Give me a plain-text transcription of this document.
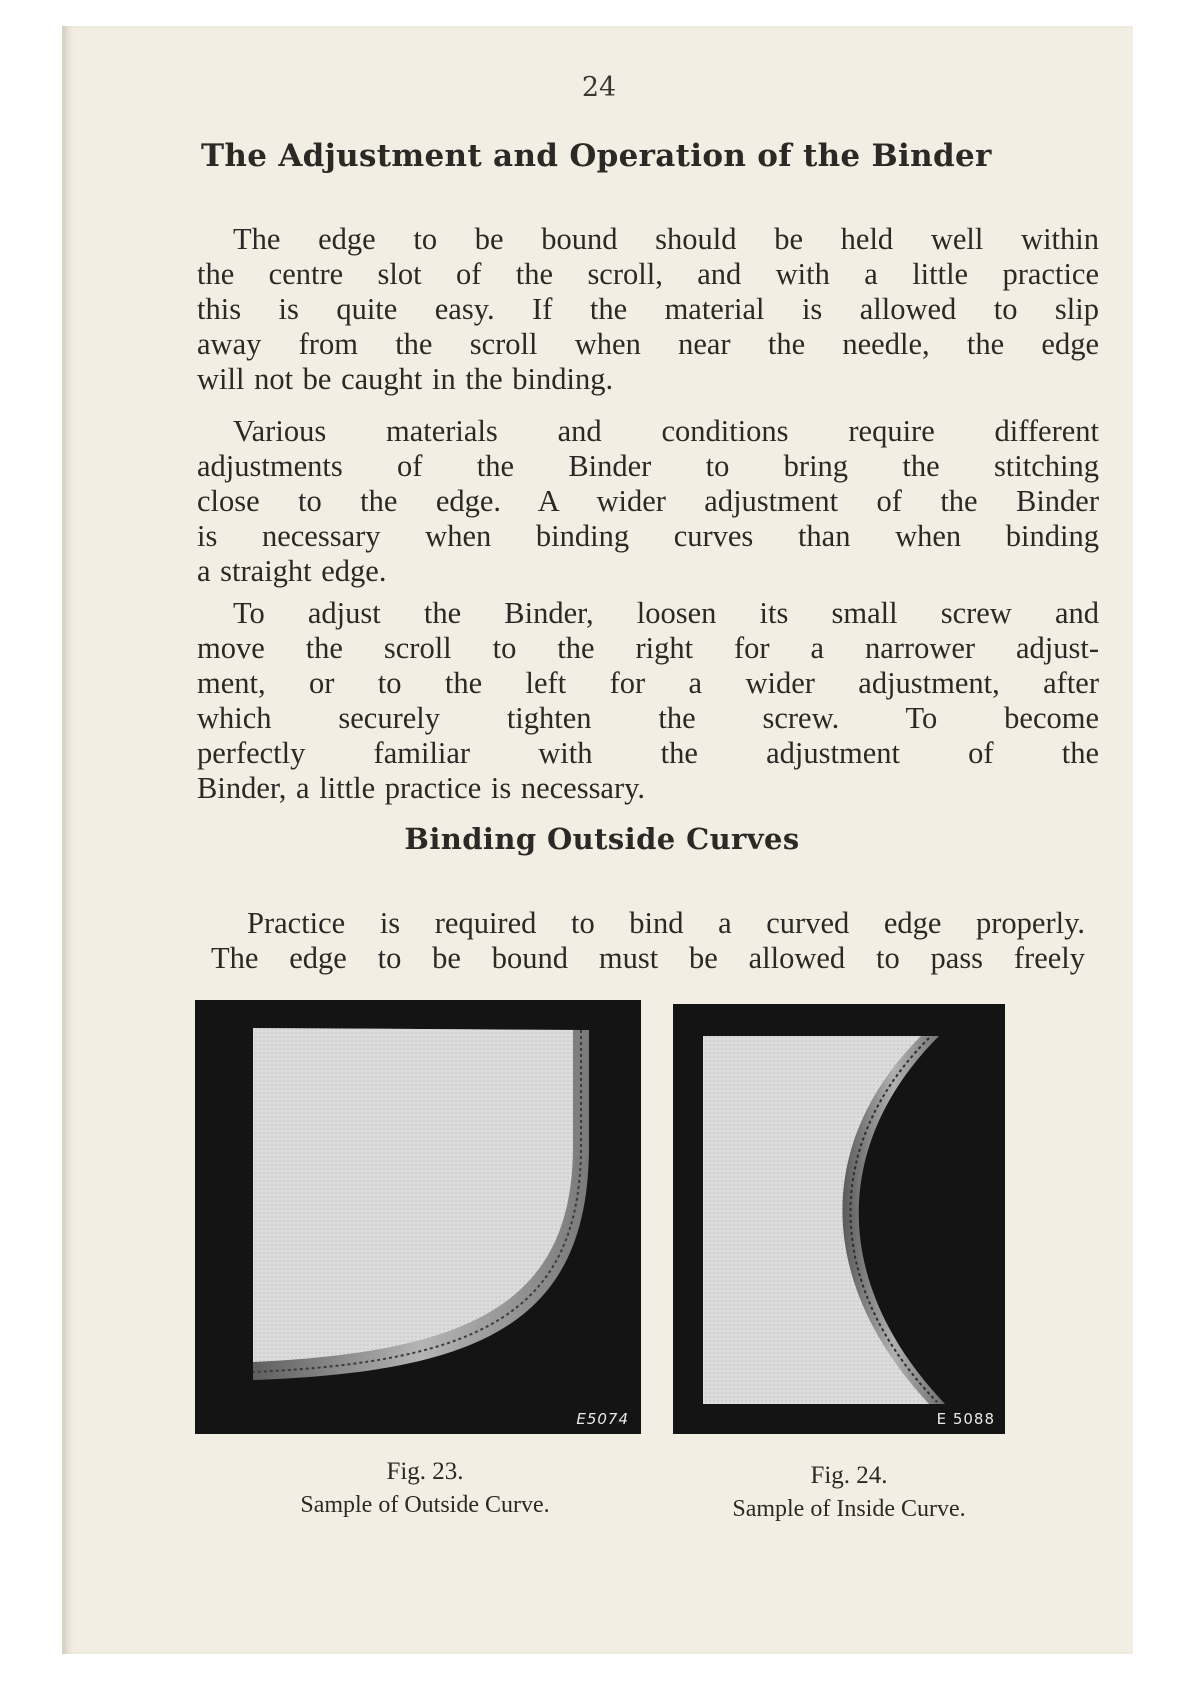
24
The Adjustment and Operation of the Binder
The edge to be bound should be held well within
the centre slot of the scroll, and with a little practice
this is quite easy. If the material is allowed to slip
away from the scroll when near the needle, the edge
will not be caught in the binding.
Various materials and conditions require different
adjustments of the Binder to bring the stitching
close to the edge. A wider adjustment of the Binder
is necessary when binding curves than when binding
a straight edge.
To adjust the Binder, loosen its small screw and
move the scroll to the right for a narrower adjust-
ment, or to the left for a wider adjustment, after
which securely tighten the screw. To become
perfectly familiar with the adjustment of the
Binder, a little practice is necessary.
Binding Outside Curves
Practice is required to bind a curved edge properly.
The edge to be bound must be allowed to pass freely
E5074	E 5088
Fig. 23.
Sample of Outside Curve.
Fig. 24.
Sample of Inside Curve.
